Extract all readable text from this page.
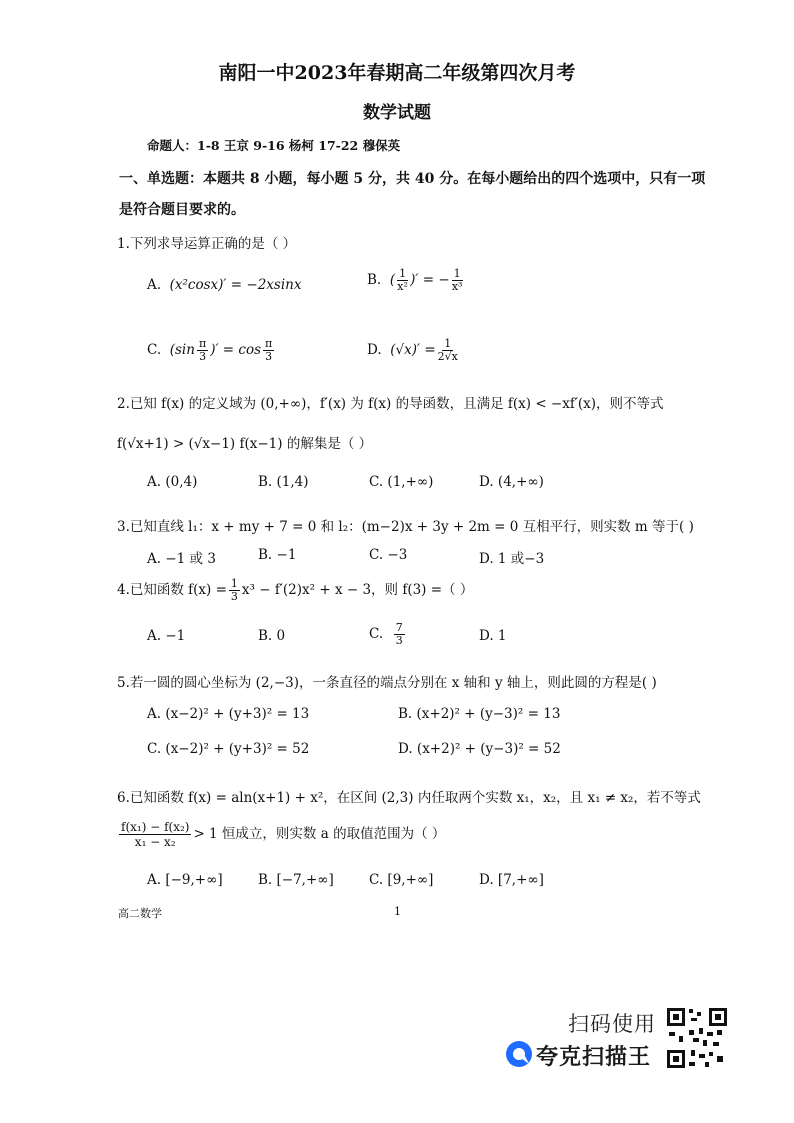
南阳一中2023年春期高二年级第四次月考
数学试题
命题人：1-8 王京 9-16 杨柯 17-22 穆保英
一、单选题：本题共 8 小题，每小题 5 分，共 40 分。在每小题给出的四个选项中，只有一项
是符合题目要求的。
1.下列求导运算正确的是（ ）
A. (x²cosx)′ = −2xsinx	B. ( $\frac{1}{\text{x²}}$ )′ = − $\frac{1}{\text{x³}}$
C. ($\sin \frac{\pi}{3}$ )′ = $\cos \frac{\pi}{3}$	D. $(√x)' = \frac{1}{2√x}$
2.已知 f(x) 的定义域为 (0,+∞)，f′(x) 为 f(x) 的导函数，且满足 f(x) < −xf′(x)，则不等式
f(√x+1) > (√x−1) f(x−1) 的解集是（ ）
A. (0,4)	B. (1,4)	C. (1,+∞)	D. (4,+∞)
3.已知直线 l₁：x + my + 7 = 0 和 l₂：(m−2)x + 3y + 2m = 0 互相平行，则实数 m 等于( )
A. −1 或 3	B. −1	C. −3	D. 1 或−3
4.已知函数 $f(x) = \frac{1}{3} x^3 - f'(2)x^2 + x - 3$，则 f(3) =（ ）
A. −1	B. 0	C. $\frac{7}{3}$	D. 1
5.若一圆的圆心坐标为 (2,−3)，一条直径的端点分别在 x 轴和 y 轴上，则此圆的方程是( )
A. (x−2)² + (y+3)² = 13	B. (x+2)² + (y−3)² = 13
C. (x−2)² + (y+3)² = 52	D. (x+2)² + (y−3)² = 52
6.已知函数 f(x) = aln(x+1) + x²，在区间 (2,3) 内任取两个实数 x₁，x₂，且 x₁ ≠ x₂，若不等式
$\frac{\text{f(x₁) − f(x₂)}}{\text{x₁ − x₂}} > 1$ 恒成立，则实数 a 的取值范围为（ ）
A. [−9,+∞]	B. [−7,+∞]	C. [9,+∞]	D. [7,+∞]
高二数学	1
扫码使用
夸克扫描王
